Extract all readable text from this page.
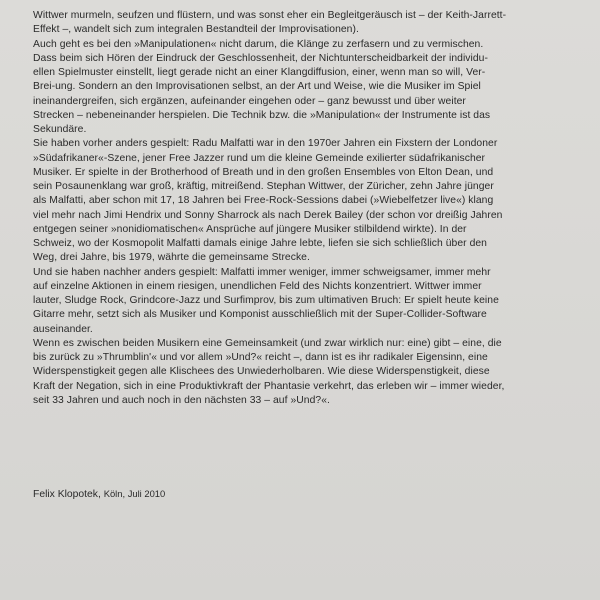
Wittwer murmeln, seufzen und flüstern, und was sonst eher ein Begleitgeräusch ist – der Keith-Jarrett-
Effekt –, wandelt sich zum integralen Bestandteil der Improvisationen).
Auch geht es bei den »Manipulationen« nicht darum, die Klänge zu zerfasern und zu vermischen.
Dass beim sich Hören der Eindruck der Geschlossenheit, der Nichtunterscheidbarkeit der individu-
ellen Spielmuster einstellt, liegt gerade nicht an einer Klangdiffusion, einer, wenn man so will, Ver-
Brei-ung. Sondern an den Improvisationen selbst, an der Art und Weise, wie die Musiker im Spiel
ineinandergreifen, sich ergänzen, aufeinander eingehen oder – ganz bewusst und über weiter
Strecken – nebeneinander herspielen. Die Technik bzw. die »Manipulation« der Instrumente ist das
Sekundäre.
Sie haben vorher anders gespielt: Radu Malfatti war in den 1970er Jahren ein Fixstern der Londoner
»Südafrikaner«-Szene, jener Free Jazzer rund um die kleine Gemeinde exilierter südafrikanischer
Musiker. Er spielte in der Brotherhood of Breath und in den großen Ensembles von Elton Dean, und
sein Posaunenklang war groß, kräftig, mitreißend. Stephan Wittwer, der Züricher, zehn Jahre jünger
als Malfatti, aber schon mit 17, 18 Jahren bei Free-Rock-Sessions dabei (»Wiebelfetzer live«) klang
viel mehr nach Jimi Hendrix und Sonny Sharrock als nach Derek Bailey (der schon vor dreißig Jahren
entgegen seiner »nonidiomatischen« Ansprüche auf jüngere Musiker stilbildend wirkte). In der
Schweiz, wo der Kosmopolit Malfatti damals einige Jahre lebte, liefen sie sich schließlich über den
Weg, drei Jahre, bis 1979, währte die gemeinsame Strecke.
Und sie haben nachher anders gespielt: Malfatti immer weniger, immer schweigsamer, immer mehr
auf einzelne Aktionen in einem riesigen, unendlichen Feld des Nichts konzentriert. Wittwer immer
lauter, Sludge Rock, Grindcore-Jazz und Surfimprov, bis zum ultimativen Bruch: Er spielt heute keine
Gitarre mehr, setzt sich als Musiker und Komponist ausschließlich mit der Super-Collider-Software
auseinander.
Wenn es zwischen beiden Musikern eine Gemeinsamkeit (und zwar wirklich nur: eine) gibt – eine, die
bis zurück zu »Thrumblin'« und vor allem »Und?« reicht –, dann ist es ihr radikaler Eigensinn, eine
Widerspenstigkeit gegen alle Klischees des Unwiederholbaren. Wie diese Widerspenstigkeit, diese
Kraft der Negation, sich in eine Produktivkraft der Phantasie verkehrt, das erleben wir – immer wieder,
seit 33 Jahren und auch noch in den nächsten 33 – auf »Und?«.
Felix Klopotek, Köln, Juli 2010
